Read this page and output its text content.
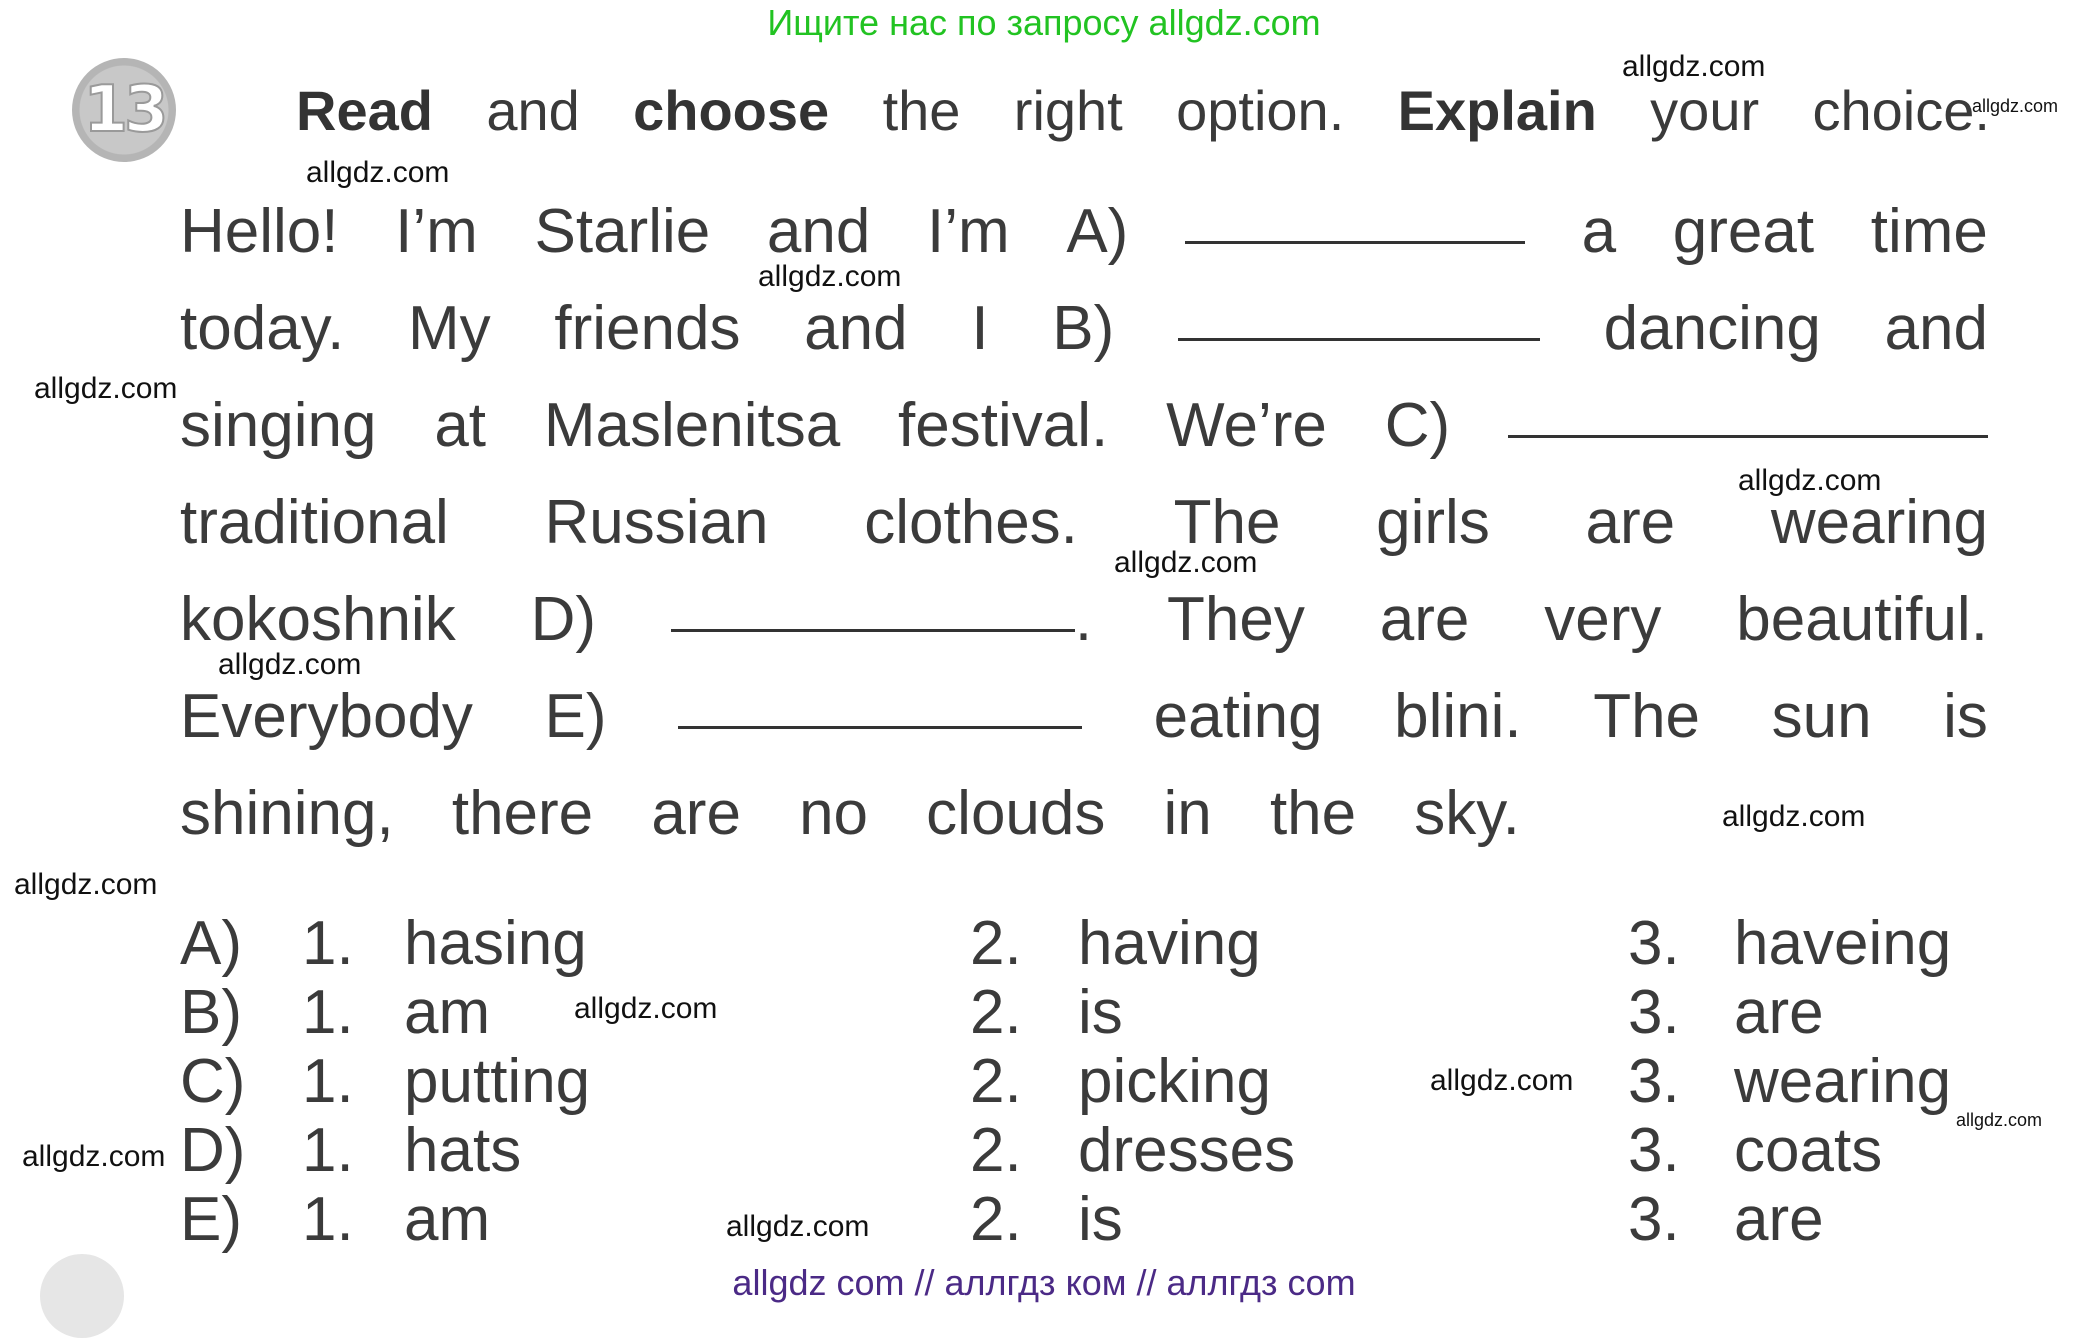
Ищите нас по запросу allgdz.com
allgdz com // аллгдз ком // аллгдз com
13 Read and choose the right option. Explain your choice.
Hello! I’m Starlie and I’m A)	a great time
today. My friends and I B)	dancing and
singing at Maslenitsa festival. We’re C)
traditional Russian clothes. The girls are wearing
kokoshnik D)	. They are very beautiful.
Everybody E)	eating blini. The sun is
shining, there are no clouds in the sky.
A) 1. hasing	2. having	3. haveing
B) 1. am	2. is	3. are
C) 1. putting	2. picking	3. wearing
D) 1. hats	2. dresses	3. coats
E) 1. am	2. is	3. are
allgdz.com
allgdz.com
allgdz.com
allgdz.com
allgdz.com
allgdz.com
allgdz.com
allgdz.com
allgdz.com
allgdz.com
allgdz.com
allgdz.com
allgdz.com
allgdz.com
allgdz.com
